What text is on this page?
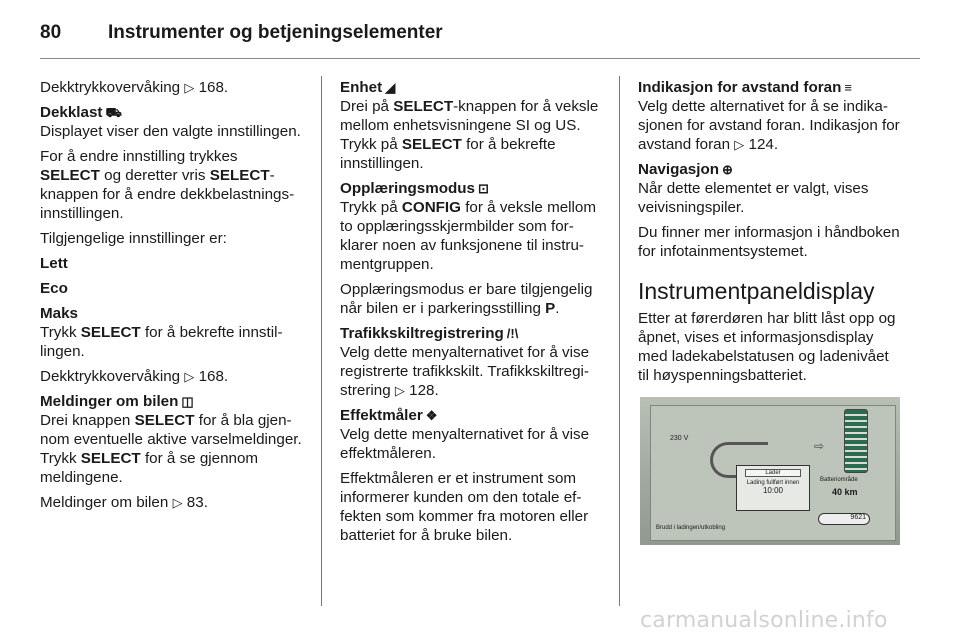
80	Instrumenter og betjeningselementer

Dekktrykkovervåking ▷ 168.

Dekklast ⛟

Displayet viser den valgte innstillingen.

For å endre innstilling trykkes
SELECT og deretter vris SELECT-knappen for å endre dekkbelastningsinnstillingen.

Tilgjengelige innstillinger er:

Lett

Eco

Maks

Trykk SELECT for å bekrefte innstillingen.

Dekktrykkovervåking ▷ 168.

Meldinger om bilen ◫

Drei knappen SELECT for å bla gjennom eventuelle aktive varselmeldinger. Trykk SELECT for å se gjennom meldingene.

Meldinger om bilen ▷ 83.

Enhet ◢

Drei på SELECT-knappen for å veksle mellom enhetsvisningene SI og US. Trykk på SELECT for å bekrefte innstillingen.

Opplæringsmodus ⊡

Trykk på CONFIG for å veksle mellom to opplæringsskjermbilder som forklarer noen av funksjonene til instrumentgruppen.

Opplæringsmodus er bare tilgjengelig når bilen er i parkeringsstilling P.

Trafikkskiltregistrering /!\

Velg dette menyalternativet for å vise registrerte trafikkskilt. Trafikkskiltregistrering ▷ 128.

Effektmåler ❖

Velg dette menyalternativet for å vise effektmåleren.

Effektmåleren er et instrument som informerer kunden om den totale effekten som kommer fra motoren eller batteriet for å bruke bilen.

Indikasjon for avstand foran ≡

Velg dette alternativet for å se indikasjonen for avstand foran. Indikasjon for avstand foran ▷ 124.

Navigasjon ⊕

Når dette elementet er valgt, vises veivisningspiler.

Du finner mer informasjon i håndboken for infotainmentsystemet.

Instrumentpaneldisplay

Etter at førerdøren har blitt låst opp og åpnet, vises et informasjonsdisplay med ladekabelstatusen og ladenivået til høyspenningsbatteriet.

230 V
⇨
Lader
Lading fullført innen
10:00
Batteriområde
40 km
9621
Brudd i ladingen/utkobling
carmanualsonline.info
